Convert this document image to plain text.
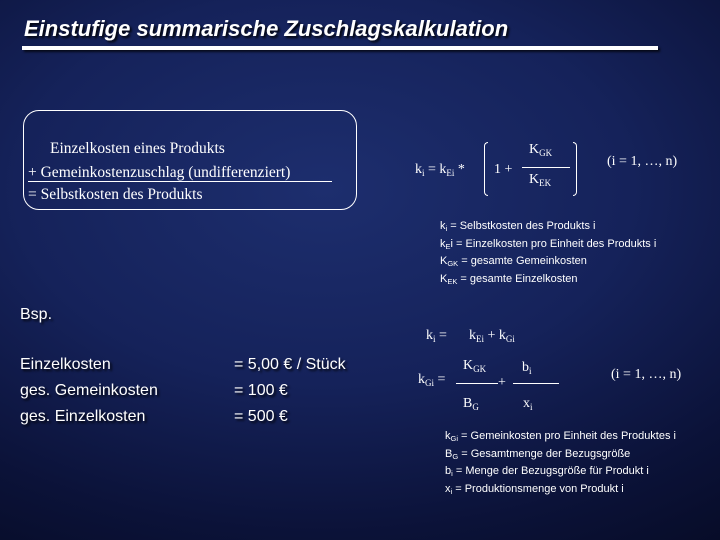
Einstufige summarische Zuschlagskalkulation
Einzelkosten eines Produkts
+ Gemeinkostenzuschlag (undifferenziert)
= Selbstkosten des Produkts
$k_i = k_{Ei} * 1$ +
$K_{GK}$
$K_{EK}$
(i = 1, …, n)
$k_i$ = Selbstkosten des Produkts i
$k_Ei$ = Einzelkosten pro Einheit des Produkts i
$K_{GK}$ = gesamte Gemeinkosten
$K_{EK}$ = gesamte Einzelkosten
Bsp.
Einzelkosten
ges. Gemeinkosten
ges. Einzelkosten
= 5,00 € / Stück
= 100 €
= 500 €
$k_i = k_{Ei} + k_{Gi}$
$k_{Gi}$ =
$K_{GK}$
$B_G$
+
$b_i$
$x_i$
(i = 1, …, n)
$k_{Gi}$ = Gemeinkosten pro Einheit des Produktes i
$B_G$ = Gesamtmenge der Bezugsgröße
$b_i$ = Menge der Bezugsgröße für Produkt i
$x_i$ = Produktionsmenge von Produkt i
